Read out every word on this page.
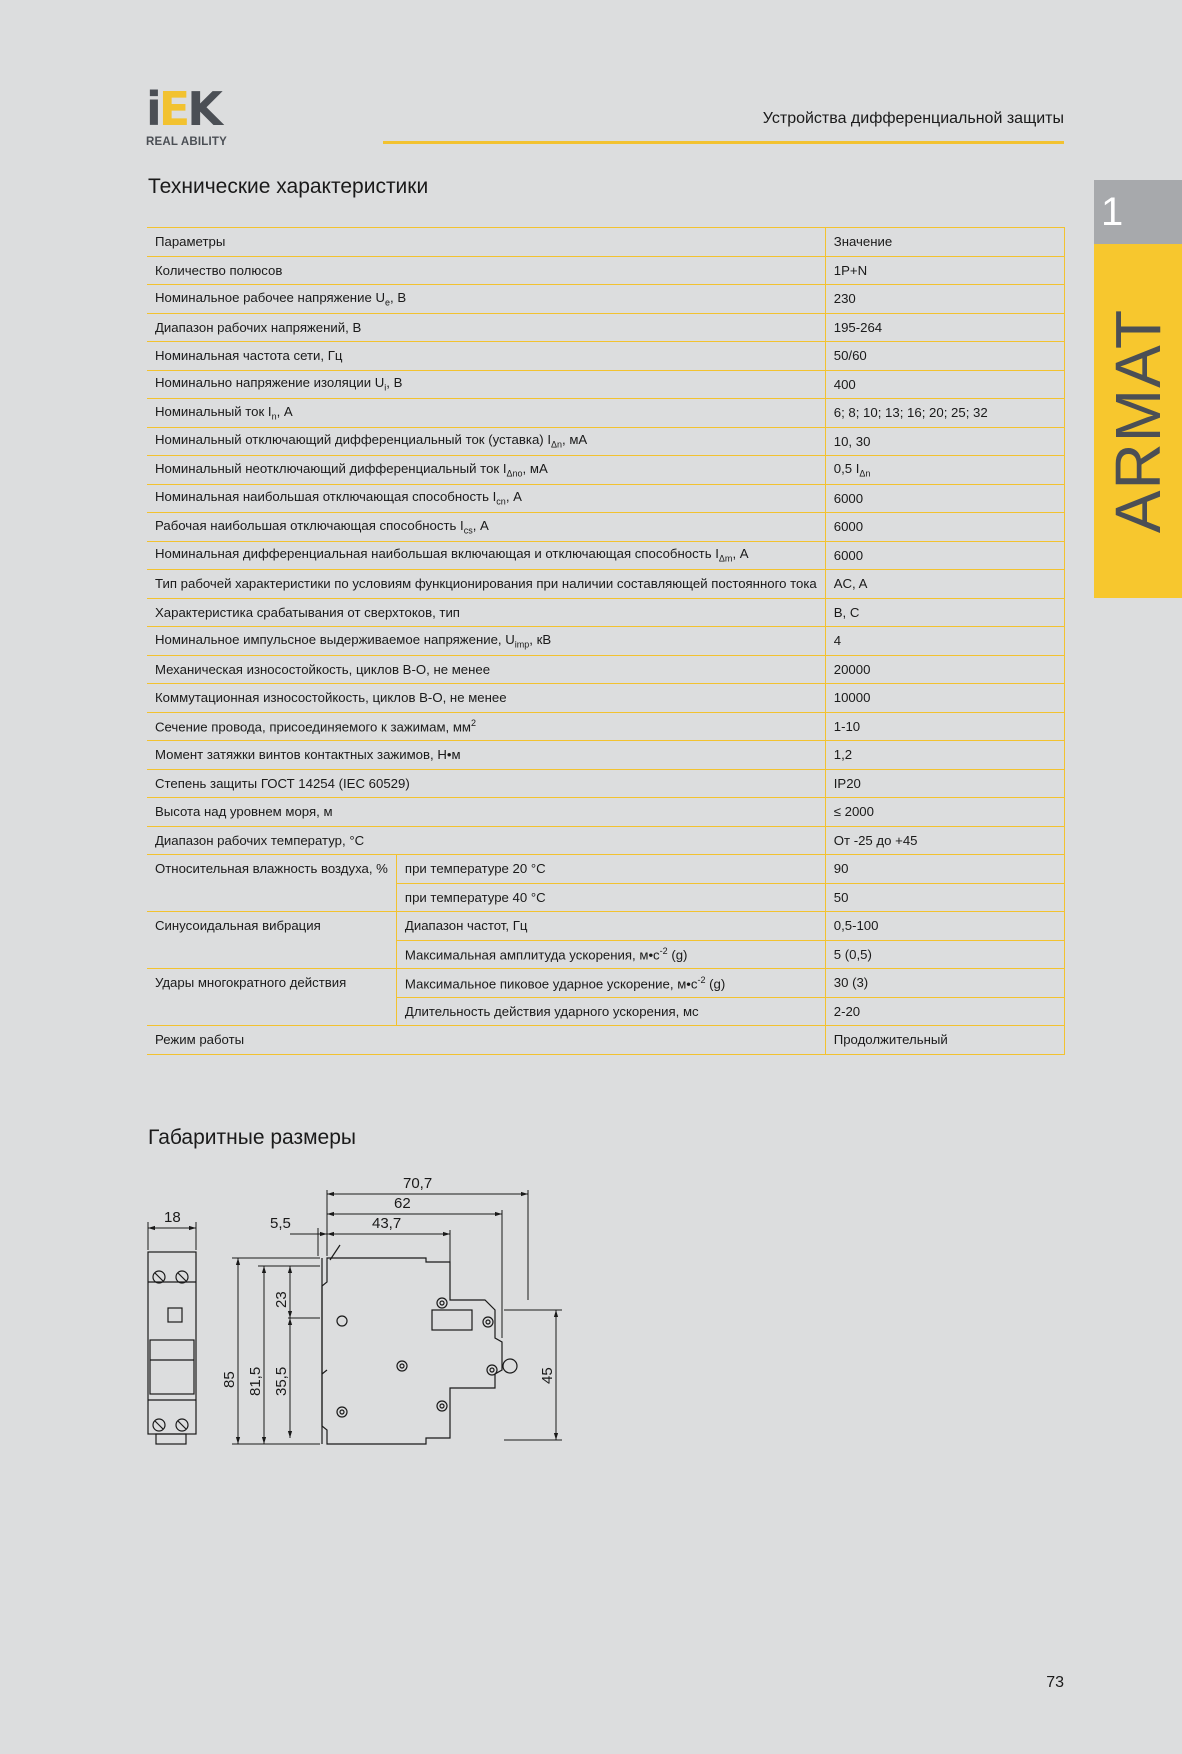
iEK
REAL ABILITY
Устройства дифференциальной защиты
1
ARMAT
Технические характеристики
Параметры		Значение
Количество полюсов		1P+N
Номинальное рабочее напряжение $U_e$, В		230
Диапазон рабочих напряжений, В		195-264
Номинальная частота сети, Гц		50/60
Номинально напряжение изоляции $U_i$, В		400
Номинальный ток $I_n$, А		6; 8; 10; 13; 16; 20; 25; 32
Номинальный отключающий дифференциальный ток (уставка) $I_{\Delta n}$, мА		10, 30
Номинальный неотключающий дифференциальный ток $I_{\Delta no}$, мА		0,5 $I_{\Delta n}$
Номинальная наибольшая отключающая способность $I_{cn}$, А		6000
Рабочая наибольшая отключающая способность $I_{cs}$, А		6000
Номинальная дифференциальная наибольшая включающая и отключающая способность $I_{\Delta m}$, А		6000
Тип рабочей характеристики по условиям функционирования при наличии составляющей постоянного тока		AC, A
Характеристика срабатывания от сверхтоков, тип		B, C
Номинальное импульсное выдерживаемое напряжение, $U_{imp}$, кВ		4
Механическая износостойкость, циклов В-О, не менее		20000
Коммутационная износостойкость, циклов В-О, не менее		10000
Сечение провода, присоединяемого к зажимам, $мм^2$		1-10
Момент затяжки винтов контактных зажимов, Н•м		1,2
Степень защиты ГОСТ 14254 (IEC 60529)		IP20
Высота над уровнем моря, м		≤ 2000
Диапазон рабочих температур, °С		От -25 до +45
Относительная влажность воздуха, %	при температуре 20 °С	90
	при температуре 40 °С	50
Синусоидальная вибрация	Диапазон частот, Гц	0,5-100
	Максимальная амплитуда ускорения, $м•c^{-2}$ (g)	5 (0,5)
Удары многократного действия	Максимальное пиковое ударное ускорение, $м•c^{-2}$ (g)	30 (3)
	Длительность действия ударного ускорения, мс	2-20
Режим работы		Продолжительный
Габаритные размеры
18	5,5
70,7
62
43,7
85 81,5 35,5
23
45
73
